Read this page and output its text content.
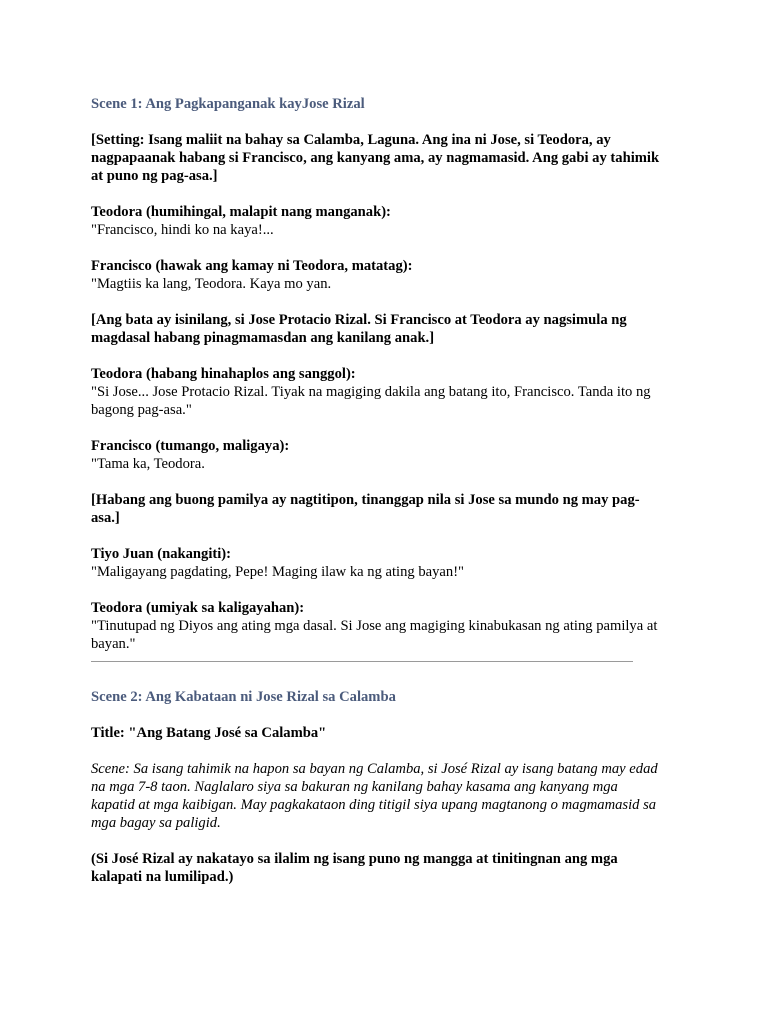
Scene 1: Ang Pagkapanganak kayJose Rizal

[Setting: Isang maliit na bahay sa Calamba, Laguna. Ang ina ni Jose, si Teodora, ay

nagpapaanak habang si Francisco, ang kanyang ama, ay nagmamasid. Ang gabi ay tahimik

at puno ng pag-asa.]

Teodora (humihingal, malapit nang manganak):

"Francisco, hindi ko na kaya!...

Francisco (hawak ang kamay ni Teodora, matatag):

"Magtiis ka lang, Teodora. Kaya mo yan.

[Ang bata ay isinilang, si Jose Protacio Rizal. Si Francisco at Teodora ay nagsimula ng

magdasal habang pinagmamasdan ang kanilang anak.]

Teodora (habang hinahaplos ang sanggol):

"Si Jose... Jose Protacio Rizal. Tiyak na magiging dakila ang batang ito, Francisco. Tanda ito ng

bagong pag-asa."

Francisco (tumango, maligaya):

"Tama ka, Teodora.

[Habang ang buong pamilya ay nagtitipon, tinanggap nila si Jose sa mundo ng may pag-

asa.]

Tiyo Juan (nakangiti):

"Maligayang pagdating, Pepe! Maging ilaw ka ng ating bayan!"

Teodora (umiyak sa kaligayahan):

"Tinutupad ng Diyos ang ating mga dasal. Si Jose ang magiging kinabukasan ng ating pamilya at

bayan."

Scene 2: Ang Kabataan ni Jose Rizal sa Calamba

Title: "Ang Batang José sa Calamba"

Scene: Sa isang tahimik na hapon sa bayan ng Calamba, si José Rizal ay isang batang may edad

na mga 7-8 taon. Naglalaro siya sa bakuran ng kanilang bahay kasama ang kanyang mga

kapatid at mga kaibigan. May pagkakataon ding titigil siya upang magtanong o magmamasid sa

mga bagay sa paligid.

(Si José Rizal ay nakatayo sa ilalim ng isang puno ng mangga at tinitingnan ang mga

kalapati na lumilipad.)
